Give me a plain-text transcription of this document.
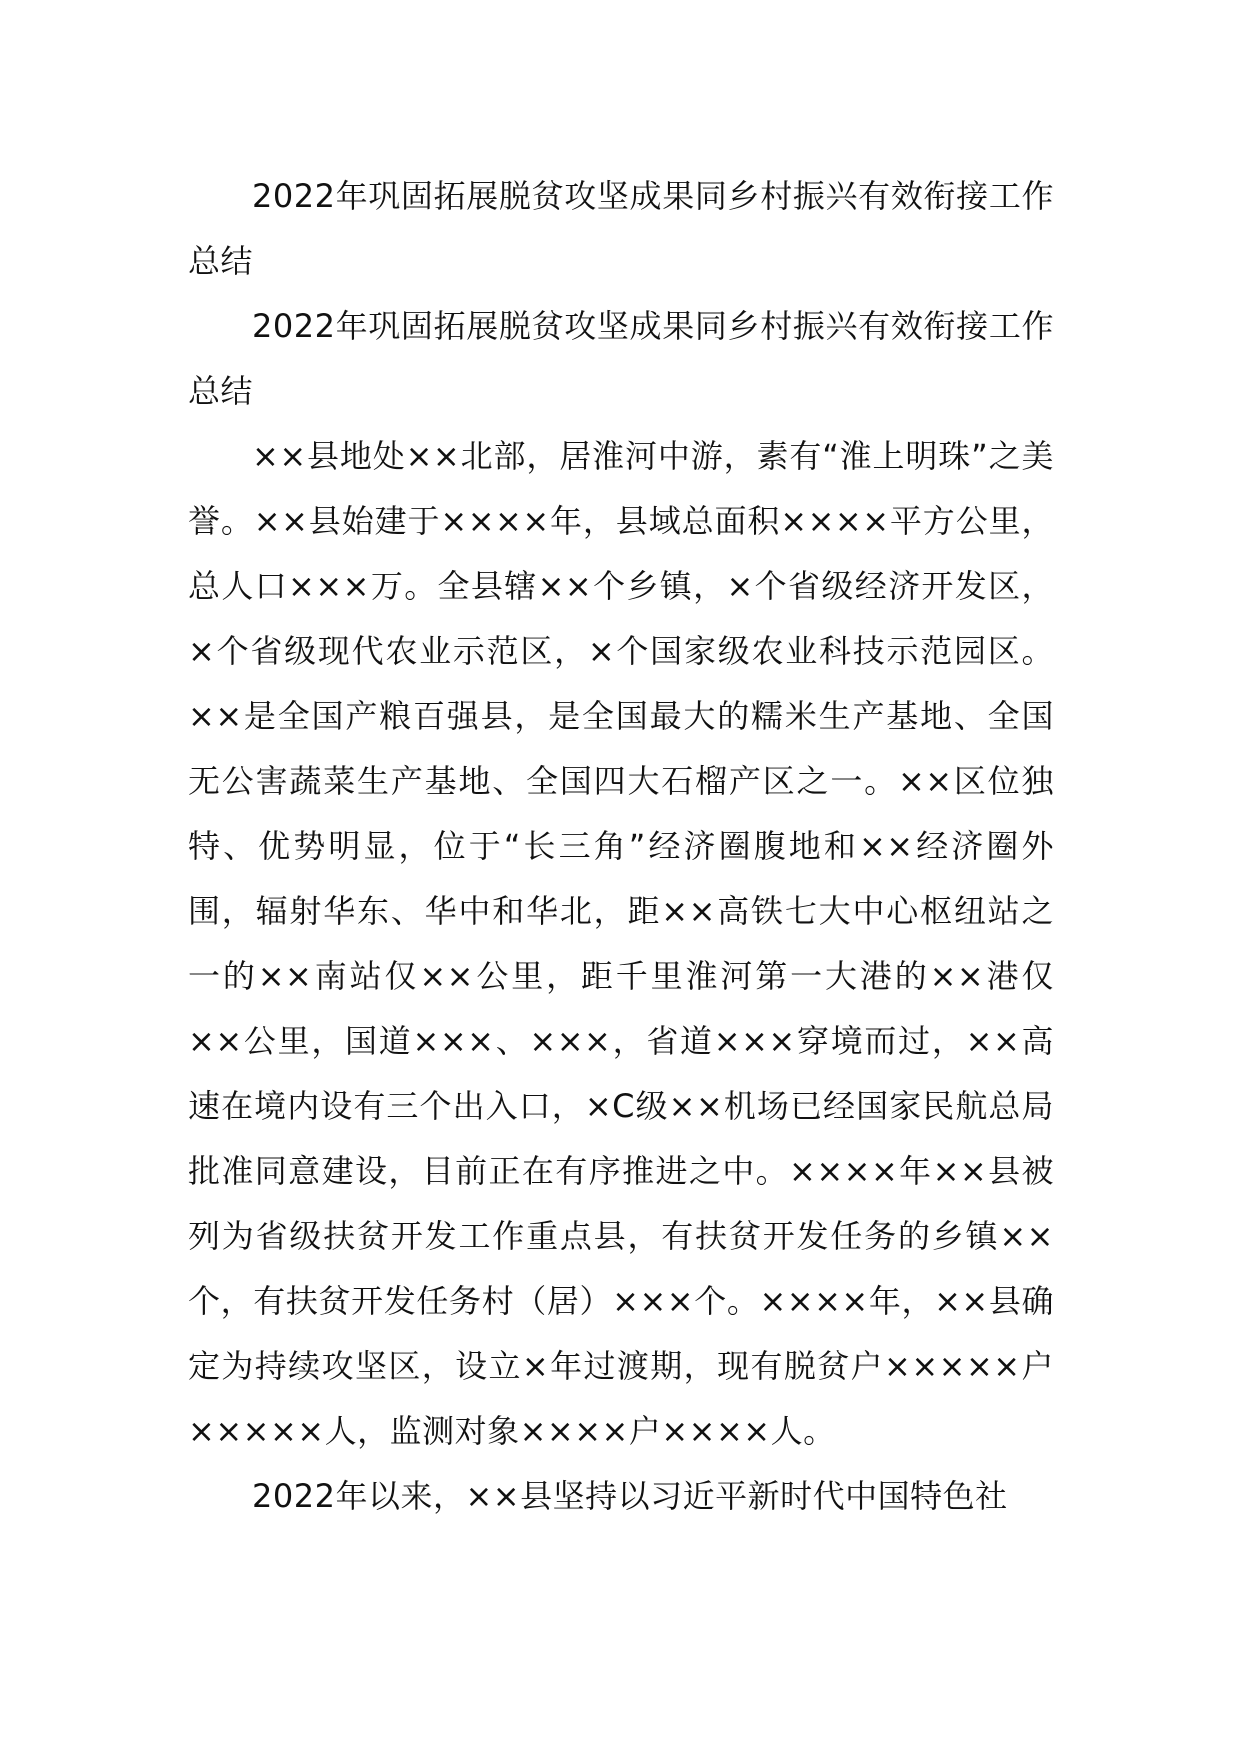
2022年巩固拓展脱贫攻坚成果同乡村振兴有效衔接工作总结

2022年巩固拓展脱贫攻坚成果同乡村振兴有效衔接工作总结

××县地处××北部，居淮河中游，素有“淮上明珠”之美誉。××县始建于××××年，县域总面积××××平方公里，总人口×××万。全县辖××个乡镇，×个省级经济开发区，×个省级现代农业示范区，×个国家级农业科技示范园区。××是全国产粮百强县，是全国最大的糯米生产基地、全国无公害蔬菜生产基地、全国四大石榴产区之一。××区位独特、优势明显，位于“长三角”经济圈腹地和××经济圈外围，辐射华东、华中和华北，距××高铁七大中心枢纽站之一的××南站仅××公里，距千里淮河第一大港的××港仅××公里，国道×××、×××，省道×××穿境而过，××高速在境内设有三个出入口，×C级××机场已经国家民航总局批准同意建设，目前正在有序推进之中。××××年××县被列为省级扶贫开发工作重点县，有扶贫开发任务的乡镇××个，有扶贫开发任务村（居）×××个。××××年，××县确定为持续攻坚区，设立×年过渡期，现有脱贫户×××××户×××××人，监测对象××××户××××人。

2022年以来，××县坚持以习近平新时代中国特色社
